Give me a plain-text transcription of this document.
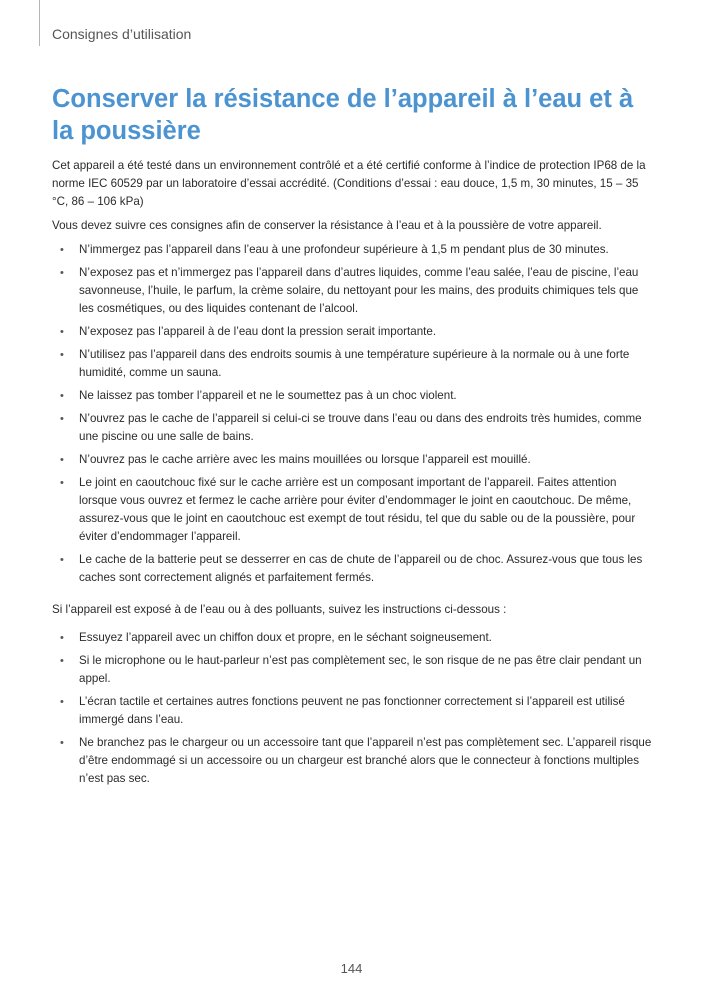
Consignes d’utilisation
Conserver la résistance de l’appareil à l’eau et à la poussière

Cet appareil a été testé dans un environnement contrôlé et a été certifié conforme à l’indice de protection IP68 de la norme IEC 60529 par un laboratoire d’essai accrédité. (Conditions d’essai : eau douce, 1,5 m, 30 minutes, 15 – 35 °C, 86 – 106 kPa)

Vous devez suivre ces consignes afin de conserver la résistance à l’eau et à la poussière de votre appareil.

• N’immergez pas l’appareil dans l’eau à une profondeur supérieure à 1,5 m pendant plus de 30 minutes.
• N’exposez pas et n’immergez pas l’appareil dans d’autres liquides, comme l’eau salée, l’eau de piscine, l’eau savonneuse, l’huile, le parfum, la crème solaire, du nettoyant pour les mains, des produits chimiques tels que les cosmétiques, ou des liquides contenant de l’alcool.
• N’exposez pas l’appareil à de l’eau dont la pression serait importante.
• N’utilisez pas l’appareil dans des endroits soumis à une température supérieure à la normale ou à une forte humidité, comme un sauna.
• Ne laissez pas tomber l’appareil et ne le soumettez pas à un choc violent.
• N’ouvrez pas le cache de l’appareil si celui-ci se trouve dans l’eau ou dans des endroits très humides, comme une piscine ou une salle de bains.
• N’ouvrez pas le cache arrière avec les mains mouillées ou lorsque l’appareil est mouillé.
• Le joint en caoutchouc fixé sur le cache arrière est un composant important de l’appareil. Faites attention lorsque vous ouvrez et fermez le cache arrière pour éviter d’endommager le joint en caoutchouc. De même, assurez-vous que le joint en caoutchouc est exempt de tout résidu, tel que du sable ou de la poussière, pour éviter d’endommager l’appareil.
• Le cache de la batterie peut se desserrer en cas de chute de l’appareil ou de choc. Assurez-vous que tous les caches sont correctement alignés et parfaitement fermés.

Si l’appareil est exposé à de l’eau ou à des polluants, suivez les instructions ci-dessous :

• Essuyez l’appareil avec un chiffon doux et propre, en le séchant soigneusement.
• Si le microphone ou le haut-parleur n’est pas complètement sec, le son risque de ne pas être clair pendant un appel.
• L’écran tactile et certaines autres fonctions peuvent ne pas fonctionner correctement si l’appareil est utilisé immergé dans l’eau.
• Ne branchez pas le chargeur ou un accessoire tant que l’appareil n’est pas complètement sec. L’appareil risque d’être endommagé si un accessoire ou un chargeur est branché alors que le connecteur à fonctions multiples n’est pas sec.
144
